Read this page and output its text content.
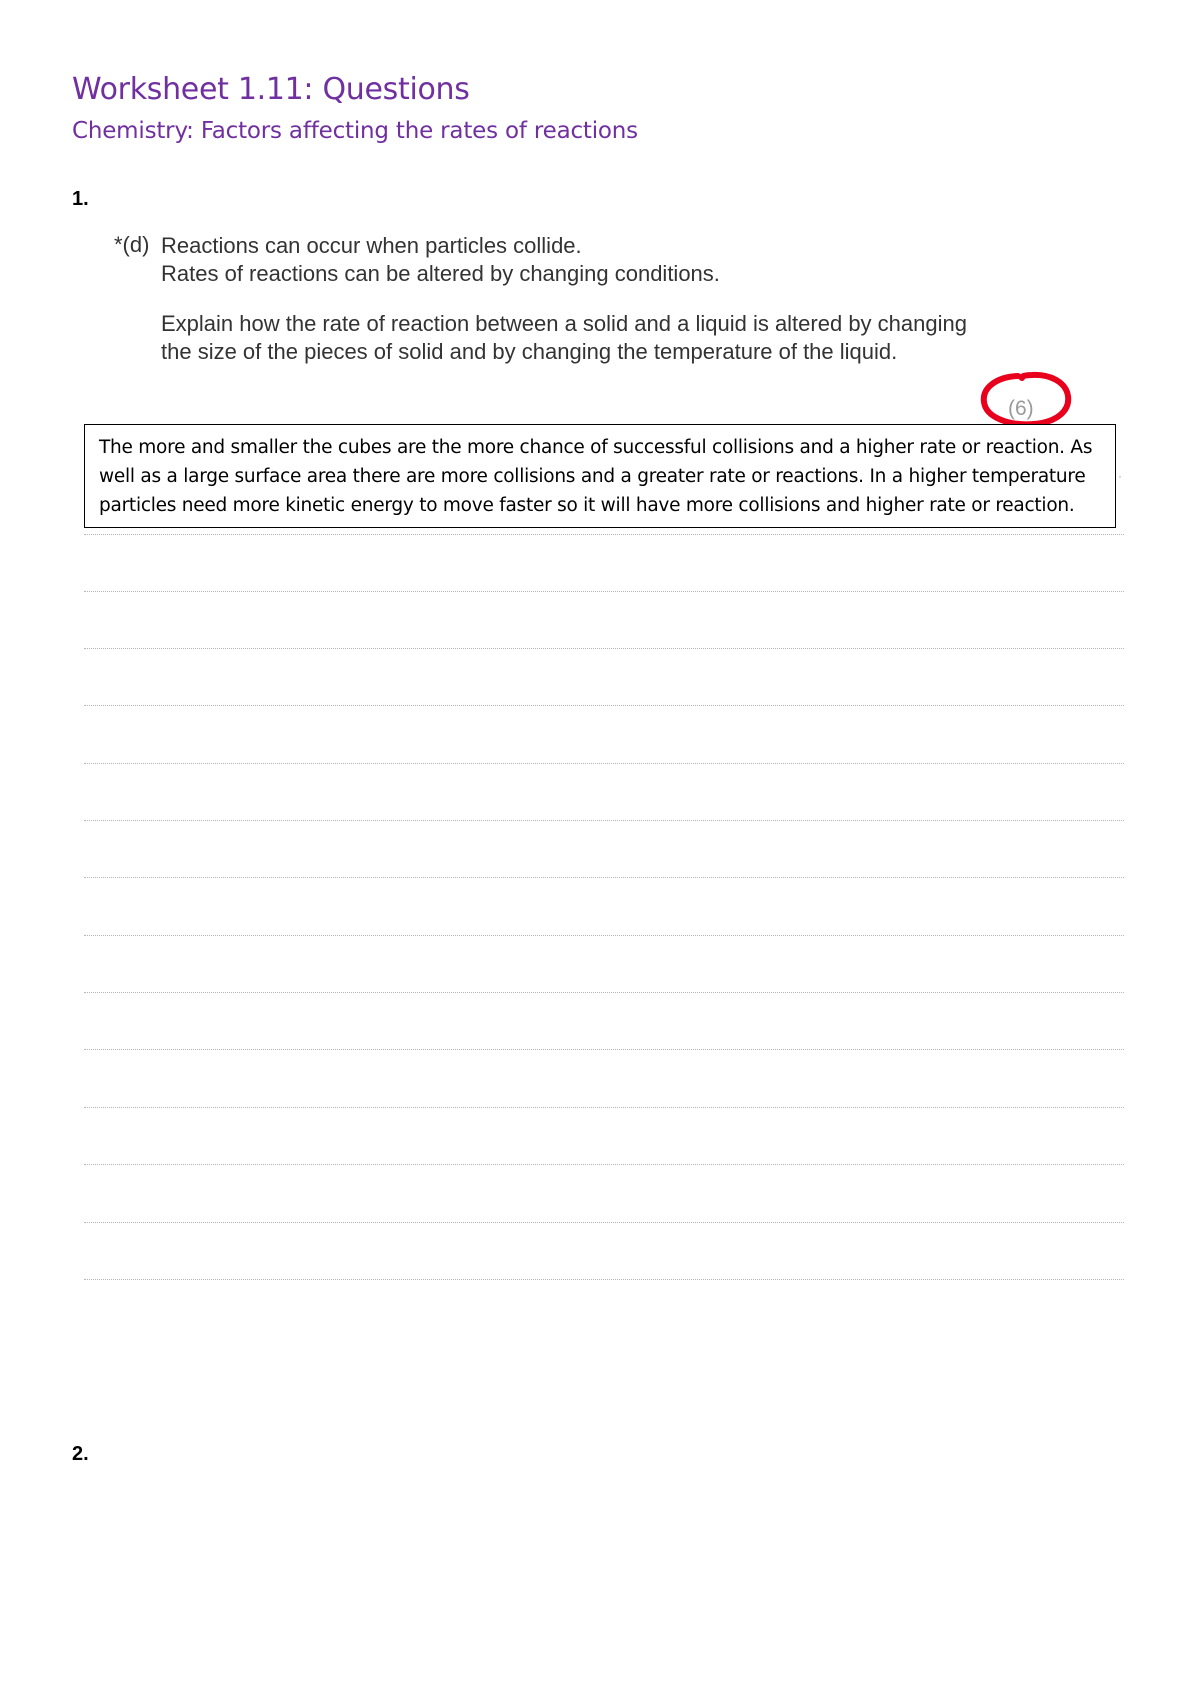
Worksheet 1.11: Questions
Chemistry: Factors affecting the rates of reactions
1.
*(d) Reactions can occur when particles collide.
Rates of reactions can be altered by changing conditions.
Explain how the rate of reaction between a solid and a liquid is altered by changing the size of the pieces of solid and by changing the temperature of the liquid.
(6)
The more and smaller the cubes are the more chance of successful collisions and a higher rate or reaction. As well as a large surface area there are more collisions and a greater rate or reactions. In a higher temperature particles need more kinetic energy to move faster so it will have more collisions and higher rate or reaction.
·
2.
